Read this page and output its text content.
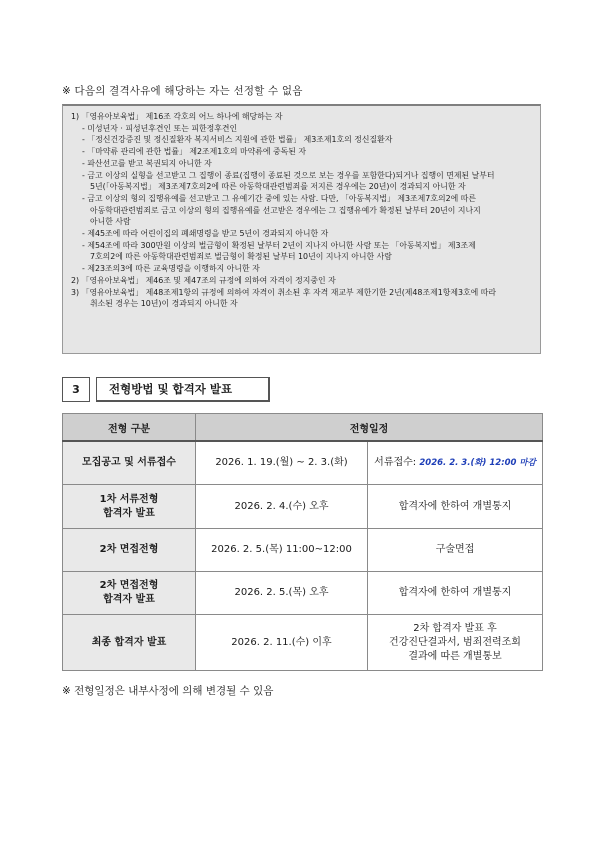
※ 다음의 결격사유에 해당하는 자는 선정할 수 없음

1) 「영유아보육법」 제16조 각호의 어느 하나에 해당하는 자

- 미성년자 · 피성년후견인 또는 피한정후견인

- 「정신건강증진 및 정신질환자 복지서비스 지원에 관한 법률」 제3조제1호의 정신질환자

- 「마약류 관리에 관한 법률」 제2조제1호의 마약류에 중독된 자

- 파산선고를 받고 복권되지 아니한 자

- 금고 이상의 실형을 선고받고 그 집행이 종료(집행이 종료된 것으로 보는 경우를 포함한다)되거나 집행이 면제된 날부터

5년(「아동복지법」 제3조제7호의2에 따른 아동학대관련범죄를 저지른 경우에는 20년)이 경과되지 아니한 자

- 금고 이상의 형의 집행유예를 선고받고 그 유예기간 중에 있는 사람. 다만, 「아동복지법」 제3조제7호의2에 따른

아동학대관련범죄로 금고 이상의 형의 집행유예를 선고받은 경우에는 그 집행유예가 확정된 날부터 20년이 지나지

아니한 사람

- 제45조에 따라 어린이집의 폐쇄명령을 받고 5년이 경과되지 아니한 자

- 제54조에 따라 300만원 이상의 벌금형이 확정된 날부터 2년이 지나지 아니한 사람 또는 「아동복지법」 제3조제

7호의2에 따른 아동학대관련범죄로 벌금형이 확정된 날부터 10년이 지나지 아니한 사람

- 제23조의3에 따른 교육명령을 이행하지 아니한 자

2) 「영유아보육법」 제46조 및 제47조의 규정에 의하여 자격이 정지중인 자

3) 「영유아보육법」 제48조제1항의 규정에 의하여 자격이 취소된 후 자격 재교부 제한기한 2년(제48조제1항제3호에 따라

취소된 경우는 10년)이 경과되지 아니한 자

3	전형방법 및 합격자 발표
전형 구분	전형일정	

모집공고 및 서류접수	2026. 1. 19.(월) ~ 2. 3.(화)	서류접수: 2026. 2. 3.(화) 12:00 마감

1차 서류전형
합격자 발표	2026. 2. 4.(수) 오후	합격자에 한하여 개별통지

2차 면접전형	2026. 2. 5.(목) 11:00~12:00	구술면접

2차 면접전형
합격자 발표	2026. 2. 5.(목) 오후	합격자에 한하여 개별통지

최종 합격자 발표	2026. 2. 11.(수) 이후	2차 합격자 발표 후
건강진단결과서, 범죄전력조회
결과에 따른 개별통보
※ 전형일정은 내부사정에 의해 변경될 수 있음
